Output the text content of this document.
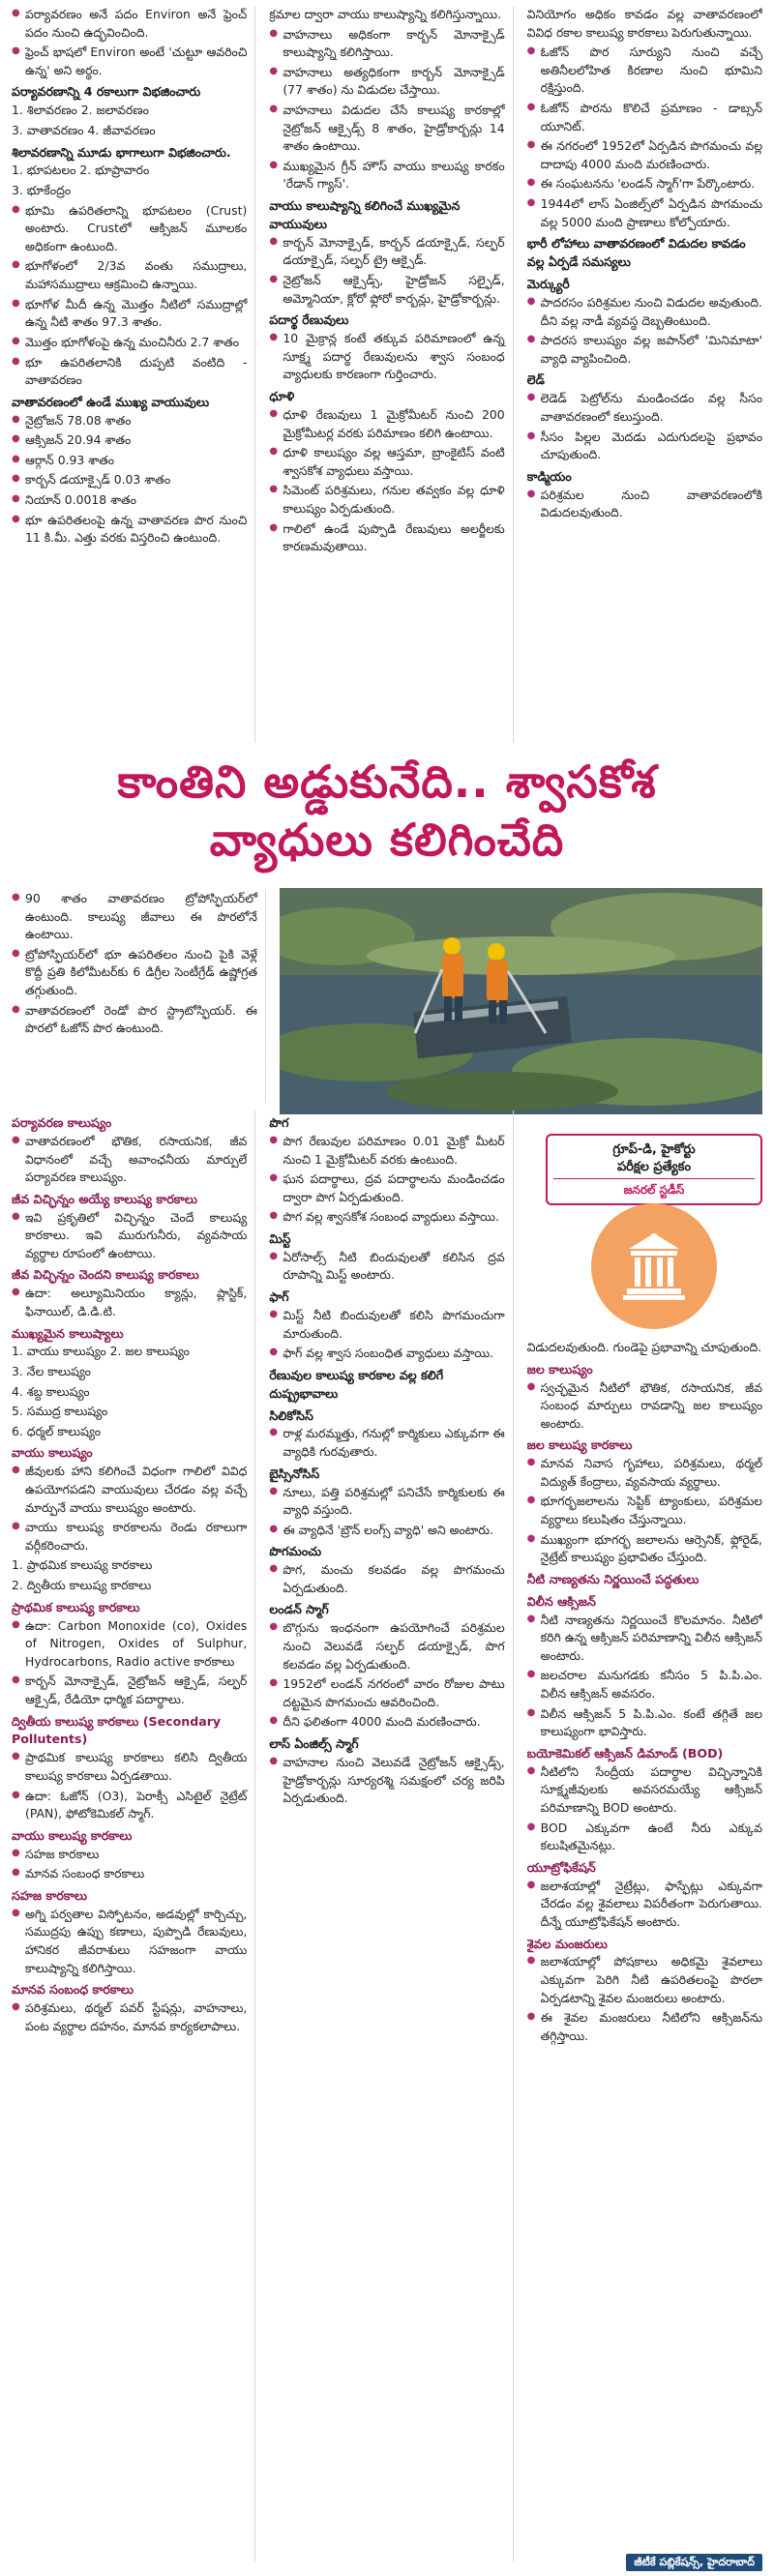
● పర్యావరణం అనే పదం Environ అనే ఫ్రెంచ్ పదం నుంచి ఉద్భవించింది.
● ఫ్రెంచ్ భాషలో Environ అంటే 'చుట్టూ ఆవరించి ఉన్న' అని అర్థం.
పర్యావరణాన్ని 4 రకాలుగా విభజించారు
1. శిలావరణం 2. జలావరణం
3. వాతావరణం 4. జీవావరణం
శిలావరణాన్ని మూడు భాగాలుగా విభజించారు.
1. భూపటలం 2. భూప్రావారం
3. భూకేంద్రం
● భూమి ఉపరితలాన్ని భూపటలం (Crust) అంటారు. Crustలో ఆక్సిజన్ మూలకం అధికంగా ఉంటుంది.
● భూగోళంలో 2/3వ వంతు సముద్రాలు, మహాసముద్రాలు ఆక్రమించి ఉన్నాయి.
● భూగోళ మీదీ ఉన్న మొత్తం నీటిలో సముద్రాల్లో ఉన్న నీటి శాతం 97.3 శాతం.
● మొత్తం భూగోళంపై ఉన్న మంచినీరు 2.7 శాతం
● భూ ఉపరితలానికి దుప్పటి వంటిది - వాతావరణం
వాతావరణంలో ఉండే ముఖ్య వాయువులు
● నైట్రోజన్ 78.08 శాతం
● ఆక్సిజన్ 20.94 శాతం
● ఆర్గాన్ 0.93 శాతం
● కార్బన్ డయాక్సైడ్ 0.03 శాతం
● నియాన్ 0.0018 శాతం
● భూ ఉపరితలంపై ఉన్న వాతావరణ పొర నుంచి 11 కి.మీ. ఎత్తు వరకు విస్తరించి ఉంటుంది.
క్రమాల ద్వారా వాయు కాలుష్యాన్ని కలిగిస్తున్నాయి.
● వాహనాలు అధికంగా కార్బన్ మోనాక్సైడ్ కాలుష్యాన్ని కలిగిస్తాయి.
● వాహనాలు అత్యధికంగా కార్బన్ మోనాక్సైడ్ (77 శాతం) ను విడుదల చేస్తాయి.
● వాహనాలు విడుదల చేసే కాలుష్య కారకాల్లో నైట్రోజన్ ఆక్సైడ్స్ 8 శాతం, హైడ్రోకార్బన్లు 14 శాతం ఉంటాయి.
● ముఖ్యమైన గ్రీన్ హౌస్ వాయు కాలుష్య కారకం 'రేడాన్ గ్యాస్'.
వాయు కాలుష్యాన్ని కలిగించే ముఖ్యమైన వాయువులు
● కార్బన్ మోనాక్సైడ్, కార్బన్ డయాక్సైడ్, సల్ఫర్ డయాక్సైడ్, సల్ఫర్ ట్రై ఆక్సైడ్.
● నైట్రోజన్ ఆక్సైడ్స్, హైడ్రోజన్ సల్ఫైడ్, అమ్మోనియా, క్లోరో ఫ్లోరో కార్బన్లు, హైడ్రోకార్బన్లు.
పదార్థ రేణువులు
● 10 మైక్రాన్ల కంటే తక్కువ పరిమాణంలో ఉన్న సూక్ష్మ పదార్థ రేణువులను శ్వాస సంబంధ వ్యాధులకు కారణంగా గుర్తించారు.
ధూళి
● ధూళి రేణువులు 1 మైక్రోమీటర్ నుంచి 200 మైక్రోమీటర్ల వరకు పరిమాణం కలిగి ఉంటాయి.
● ధూళి కాలుష్యం వల్ల ఆస్తమా, బ్రాంకైటిస్ వంటి శ్వాసకోశ వ్యాధులు వస్తాయి.
● సిమెంట్ పరిశ్రమలు, గనుల తవ్వకం వల్ల ధూళి కాలుష్యం ఏర్పడుతుంది.
● గాలిలో ఉండే పుప్పొడి రేణువులు అలర్జీలకు కారణమవుతాయి.
వినియోగం అధికం కావడం వల్ల వాతావరణంలో వివిధ రకాల కాలుష్య కారకాలు పెరుగుతున్నాయి.
● ఓజోన్ పొర సూర్యుని నుంచి వచ్చే అతినీలలోహిత కిరణాల నుంచి భూమిని రక్షిస్తుంది.
● ఓజోన్ పొరను కొలిచే ప్రమాణం - డాబ్సన్ యూనిట్.
● ఈ నగరంలో 1952లో ఏర్పడిన పొగమంచు వల్ల దాదాపు 4000 మంది మరణించారు.
● ఈ సంఘటనను 'లండన్ స్మాగ్'గా పేర్కొంటారు.
● 1944లో లాస్ ఏంజిల్స్‌లో ఏర్పడిన పొగమంచు వల్ల 5000 మంది ప్రాణాలు కోల్పోయారు.
భారీ లోహాలు వాతావరణంలో విడుదల కావడం వల్ల ఏర్పడే సమస్యలు
మెర్క్యురీ
● పాదరసం పరిశ్రమల నుంచి విడుదల అవుతుంది. దీని వల్ల నాడీ వ్యవస్థ దెబ్బతింటుంది.
● పాదరస కాలుష్యం వల్ల జపాన్‌లో 'మినిమాటా' వ్యాధి వ్యాపించింది.
లెడ్
● లెడెడ్ పెట్రోల్‌ను మండించడం వల్ల సీసం వాతావరణంలో కలుస్తుంది.
● సీసం పిల్లల మెదడు ఎదుగుదలపై ప్రభావం చూపుతుంది.
కాడ్మియం
● పరిశ్రమల నుంచి వాతావరణంలోకి విడుదలవుతుంది.
కాంతిని అడ్డుకునేది.. శ్వాసకోశ
వ్యాధులు కలిగించేది
● 90 శాతం వాతావరణం ట్రోపోస్ఫియర్‌లో ఉంటుంది. కాలుష్య జీవాలు ఈ పొరలోనే ఉంటాయి.
● ట్రోపోస్ఫియర్‌లో భూ ఉపరితలం నుంచి పైకి వెళ్లే కొద్దీ ప్రతి కిలోమీటర్‌కు 6 డిగ్రీల సెంటీగ్రేడ్ ఉష్ణోగ్రత తగ్గుతుంది.
● వాతావరణంలో రెండో పొర స్ట్రాటోస్ఫియర్. ఈ పొరలో ఓజోన్ పొర ఉంటుంది.
పర్యావరణ కాలుష్యం
● వాతావరణంలో భౌతిక, రసాయనిక, జీవ విధానంలో వచ్చే అవాంఛనీయ మార్పులే పర్యావరణ కాలుష్యం.
జీవ విచ్ఛిన్నం అయ్యే కాలుష్య కారకాలు
● ఇవి ప్రకృతిలో విచ్ఛిన్నం చెందే కాలుష్య కారకాలు. ఇవి మురుగునీరు, వ్యవసాయ వ్యర్థాల రూపంలో ఉంటాయి.
జీవ విచ్ఛిన్నం చెందని కాలుష్య కారకాలు
● ఉదా: అల్యూమినియం క్యాన్లు, ప్లాస్టిక్, ఫినాయిల్, డి.డి.టి.
ముఖ్యమైన కాలుష్యాలు
1. వాయు కాలుష్యం 2. జల కాలుష్యం
3. నేల కాలుష్యం
4. శబ్ద కాలుష్యం
5. సముద్ర కాలుష్యం
6. ధర్మల్ కాలుష్యం
వాయు కాలుష్యం
● జీవులకు హాని కలిగించే విధంగా గాలిలో వివిధ ఉపయోగపడని వాయువులు చేరడం వల్ల వచ్చే మార్పునే వాయు కాలుష్యం అంటారు.
● వాయు కాలుష్య కారకాలను రెండు రకాలుగా వర్గీకరించారు.
1. ప్రాథమిక కాలుష్య కారకాలు
2. ద్వితీయ కాలుష్య కారకాలు
ప్రాథమిక కాలుష్య కారకాలు
● ఉదా: Carbon Monoxide (co), Oxides of Nitrogen, Oxides of Sulphur, Hydrocarbons, Radio active కారకాలు
● కార్బన్ మోనాక్సైడ్, నైట్రోజన్ ఆక్సైడ్, సల్ఫర్ ఆక్సైడ్, రేడియో ధార్మిక పదార్థాలు.
ద్వితీయ కాలుష్య కారకాలు (Secondary Pollutents)
● ప్రాథమిక కాలుష్య కారకాలు కలిసి ద్వితీయ కాలుష్య కారకాలు ఏర్పడతాయి.
● ఉదా: ఓజోన్ (O3), పెరాక్సీ ఎసిటైల్ నైట్రేట్ (PAN), ఫోటోకెమికల్ స్మాగ్.
వాయు కాలుష్య కారకాలు
● సహజ కారకాలు
● మానవ సంబంధ కారకాలు
సహజ కారకాలు
● అగ్ని పర్వతాల విస్ఫోటనం, అడవుల్లో కార్చిచ్చు, సముద్రపు ఉప్పు కణాలు, పుప్పొడి రేణువులు, హానికర జీవరాశులు సహజంగా వాయు కాలుష్యాన్ని కలిగిస్తాయి.
మానవ సంబంధ కారకాలు
● పరిశ్రమలు, థర్మల్ పవర్ స్టేషన్లు, వాహనాలు, పంట వ్యర్థాల దహనం, మానవ కార్యకలాపాలు.
పొగ
● పొగ రేణువుల పరిమాణం 0.01 మైక్రో మీటర్ నుంచి 1 మైక్రోమీటర్ వరకు ఉంటుంది.
● ఘన పదార్థాలు, ద్రవ పదార్థాలను మండించడం ద్వారా పొగ ఏర్పడుతుంది.
● పొగ వల్ల శ్వాసకోశ సంబంధ వ్యాధులు వస్తాయి.
మిస్ట్
● ఏరోసాల్స్ నీటి బిందువులతో కలిసిన ద్రవ రూపాన్ని మిస్ట్ అంటారు.
ఫాగ్
● మిస్ట్ నీటి బిందువులతో కలిసి పొగమంచుగా మారుతుంది.
● ఫాగ్ వల్ల శ్వాస సంబంధిత వ్యాధులు వస్తాయి.
రేణువుల కాలుష్య కారకాల వల్ల కలిగే దుష్ప్రభావాలు
సిలికోసిస్
● రాళ్ల మరమ్మత్తు, గనుల్లో కార్మికులు ఎక్కువగా ఈ వ్యాధికి గురవుతారు.
బైస్సినోసిస్
● నూలు, పత్తి పరిశ్రమల్లో పనిచేసే కార్మికులకు ఈ వ్యాధి వస్తుంది.
● ఈ వ్యాధినే 'బ్రౌన్ లంగ్స్ వ్యాధి' అని అంటారు.
పొగమంచు
● పొగ, మంచు కలవడం వల్ల పొగమంచు ఏర్పడుతుంది.
లండన్ స్మాగ్
● బొగ్గును ఇంధనంగా ఉపయోగించే పరిశ్రమల నుంచి వెలువడే సల్ఫర్ డయాక్సైడ్, పొగ కలవడం వల్ల ఏర్పడుతుంది.
● 1952లో లండన్ నగరంలో వారం రోజుల పాటు దట్టమైన పొగమంచు ఆవరించింది.
● దీని ఫలితంగా 4000 మంది మరణించారు.
లాస్ ఏంజిల్స్ స్మాగ్
● వాహనాల నుంచి వెలువడే నైట్రోజన్ ఆక్సైడ్స్, హైడ్రోకార్బన్లు సూర్యరశ్మి సమక్షంలో చర్య జరిపి ఏర్పడుతుంది.
విడుదలవుతుంది. గుండెపై ప్రభావాన్ని చూపుతుంది.
జల కాలుష్యం
● స్వచ్ఛమైన నీటిలో భౌతిక, రసాయనిక, జీవ సంబంధ మార్పులు రావడాన్ని జల కాలుష్యం అంటారు.
జల కాలుష్య కారకాలు
● మానవ నివాస గృహాలు, పరిశ్రమలు, థర్మల్ విద్యుత్ కేంద్రాలు, వ్యవసాయ వ్యర్థాలు.
● భూగర్భజలాలను సెప్టిక్ ట్యాంకులు, పరిశ్రమల వ్యర్థాలు కలుషితం చేస్తున్నాయి.
● ముఖ్యంగా భూగర్భ జలాలను ఆర్సెనిక్, ఫ్లోరైడ్, నైట్రేట్ కాలుష్యం ప్రభావితం చేస్తుంది.
నీటి నాణ్యతను నిర్ణయించే పద్ధతులు
విలీన ఆక్సిజన్
● నీటి నాణ్యతను నిర్ణయించే కొలమానం. నీటిలో కరిగి ఉన్న ఆక్సిజన్ పరిమాణాన్ని విలీన ఆక్సిజన్ అంటారు.
● జలచరాల మనుగడకు కనీసం 5 పి.పి.ఎం. విలీన ఆక్సిజన్ అవసరం.
● విలీన ఆక్సిజన్ 5 పి.పి.ఎం. కంటే తగ్గితే జల కాలుష్యంగా భావిస్తారు.
బయోకెమికల్ ఆక్సిజన్ డిమాండ్ (BOD)
● నీటిలోని సేంద్రీయ పదార్థాల విచ్ఛిన్నానికి సూక్ష్మజీవులకు అవసరమయ్యే ఆక్సిజన్ పరిమాణాన్ని BOD అంటారు.
● BOD ఎక్కువగా ఉంటే నీరు ఎక్కువ కలుషితమైనట్లు.
యూట్రోఫికేషన్
● జలాశయాల్లో నైట్రేట్లు, ఫాస్ఫేట్లు ఎక్కువగా చేరడం వల్ల శైవలాలు విపరీతంగా పెరుగుతాయి. దీన్నే యూట్రోఫికేషన్ అంటారు.
శైవల మంజరులు
● జలాశయాల్లో పోషకాలు అధికమై శైవలాలు ఎక్కువగా పెరిగి నీటి ఉపరితలంపై పొరలా ఏర్పడటాన్ని శైవల మంజరులు అంటారు.
● ఈ శైవల మంజరులు నీటిలోని ఆక్సిజన్‌ను తగ్గిస్తాయి.
గ్రూప్-డి, హైకోర్టు
పరీక్షల ప్రత్యేకం
జనరల్ స్టడీస్
జీటీకే పబ్లికేషన్స్, హైదరాబాద్
